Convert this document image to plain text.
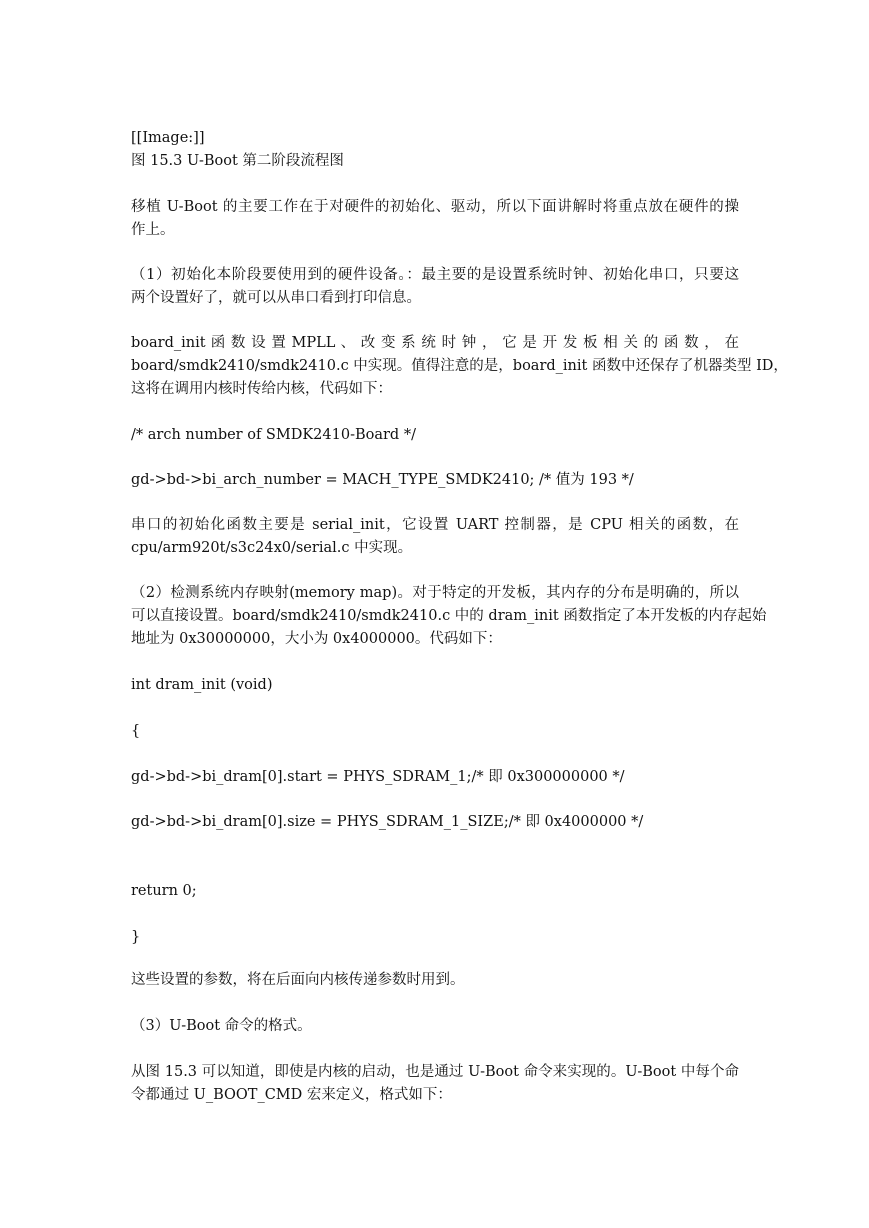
[[Image:]]
图 15.3 U-Boot 第二阶段流程图
移植 U-Boot 的主要工作在于对硬件的初始化、驱动，所以下面讲解时将重点放在硬件的操
作上。
（1）初始化本阶段要使用到的硬件设备。：最主要的是设置系统时钟、初始化串口，只要这
两个设置好了，就可以从串口看到打印信息。
board_init 函 数 设 置 MPLL 、 改 变 系 统 时 钟 ， 它 是 开 发 板 相 关 的 函 数 ， 在
board/smdk2410/smdk2410.c 中实现。值得注意的是，board_init 函数中还保存了机器类型 ID，
这将在调用内核时传给内核，代码如下：
/* arch number of SMDK2410-Board */
gd->bd->bi_arch_number = MACH_TYPE_SMDK2410; /* 值为 193 */
串口的初始化函数主要是 serial_init，它设置 UART 控制器，是 CPU 相关的函数，在
cpu/arm920t/s3c24x0/serial.c 中实现。
（2）检测系统内存映射(memory map)。对于特定的开发板，其内存的分布是明确的，所以
可以直接设置。board/smdk2410/smdk2410.c 中的 dram_init 函数指定了本开发板的内存起始
地址为 0x30000000，大小为 0x4000000。代码如下：
int dram_init (void)
{
gd->bd->bi_dram[0].start = PHYS_SDRAM_1;/* 即 0x300000000 */
gd->bd->bi_dram[0].size = PHYS_SDRAM_1_SIZE;/* 即 0x4000000 */
return 0;
}
这些设置的参数，将在后面向内核传递参数时用到。
（3）U-Boot 命令的格式。
从图 15.3 可以知道，即使是内核的启动，也是通过 U-Boot 命令来实现的。U-Boot 中每个命
令都通过 U_BOOT_CMD 宏来定义，格式如下：
